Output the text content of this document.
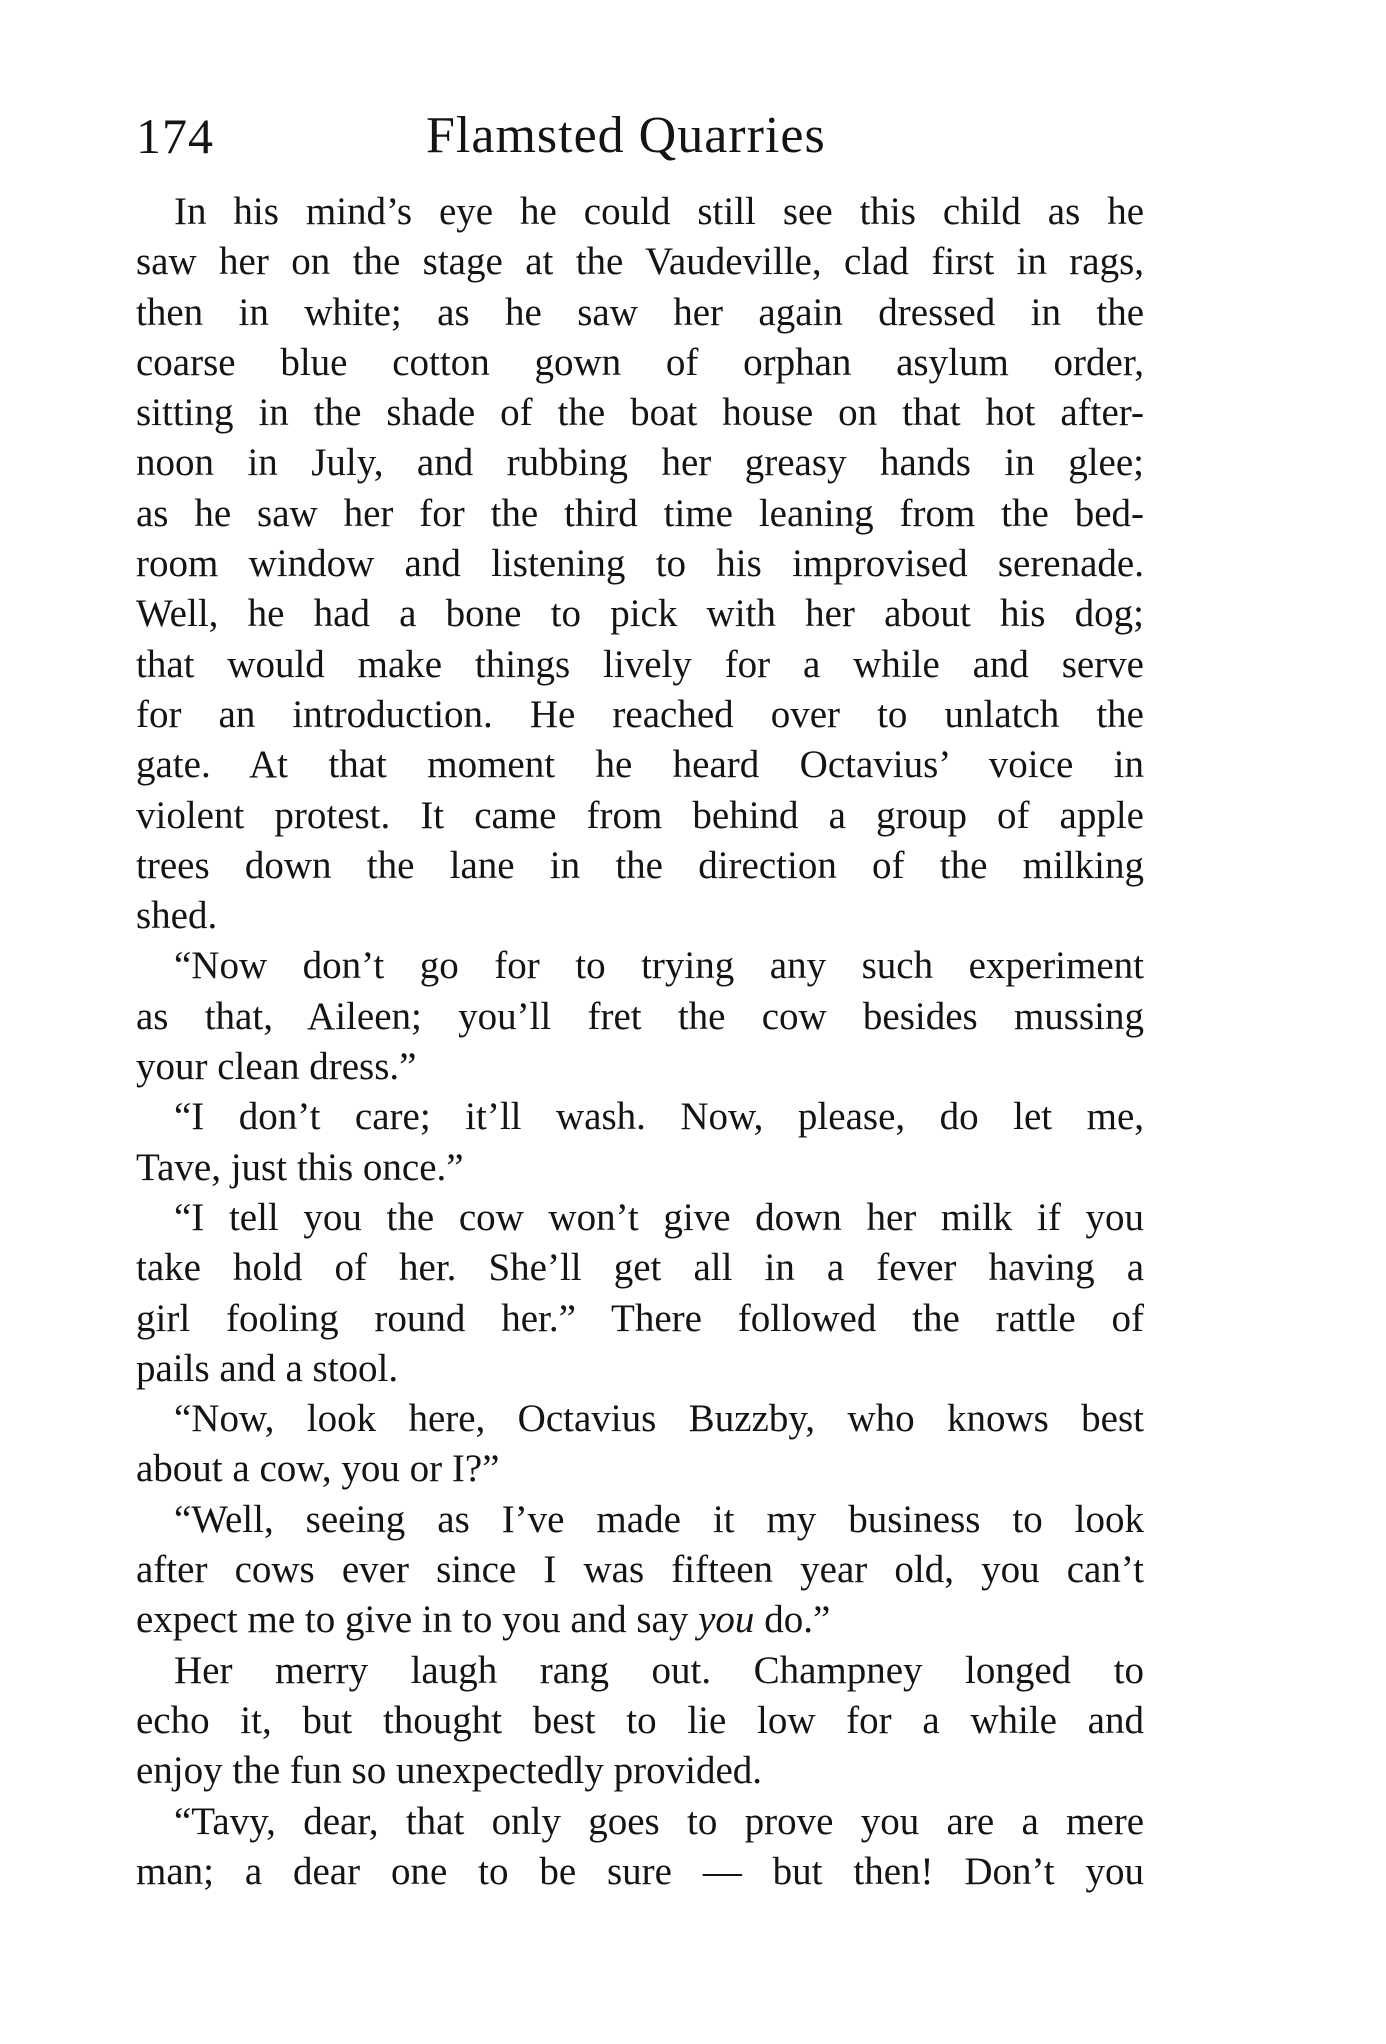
174	Flamsted Quarries

In his mind’s eye he could still see this child as he
saw her on the stage at the Vaudeville, clad first in rags,
then in white; as he saw her again dressed in the
coarse blue cotton gown of orphan asylum order,
sitting in the shade of the boat house on that hot after-
noon in July, and rubbing her greasy hands in glee;
as he saw her for the third time leaning from the bed-
room window and listening to his improvised serenade.
Well, he had a bone to pick with her about his dog;
that would make things lively for a while and serve
for an introduction. He reached over to unlatch the
gate. At that moment he heard Octavius’ voice in
violent protest. It came from behind a group of apple
trees down the lane in the direction of the milking
shed.

“Now don’t go for to trying any such experiment
as that, Aileen; you’ll fret the cow besides mussing
your clean dress.”

“I don’t care; it’ll wash. Now, please, do let me,
Tave, just this once.”

“I tell you the cow won’t give down her milk if you
take hold of her. She’ll get all in a fever having a
girl fooling round her.” There followed the rattle of
pails and a stool.

“Now, look here, Octavius Buzzby, who knows best
about a cow, you or I?”

“Well, seeing as I’ve made it my business to look
after cows ever since I was fifteen year old, you can’t
expect me to give in to you and say you do.”

Her merry laugh rang out. Champney longed to
echo it, but thought best to lie low for a while and
enjoy the fun so unexpectedly provided.

“Tavy, dear, that only goes to prove you are a mere
man; a dear one to be sure — but then! Don’t you
